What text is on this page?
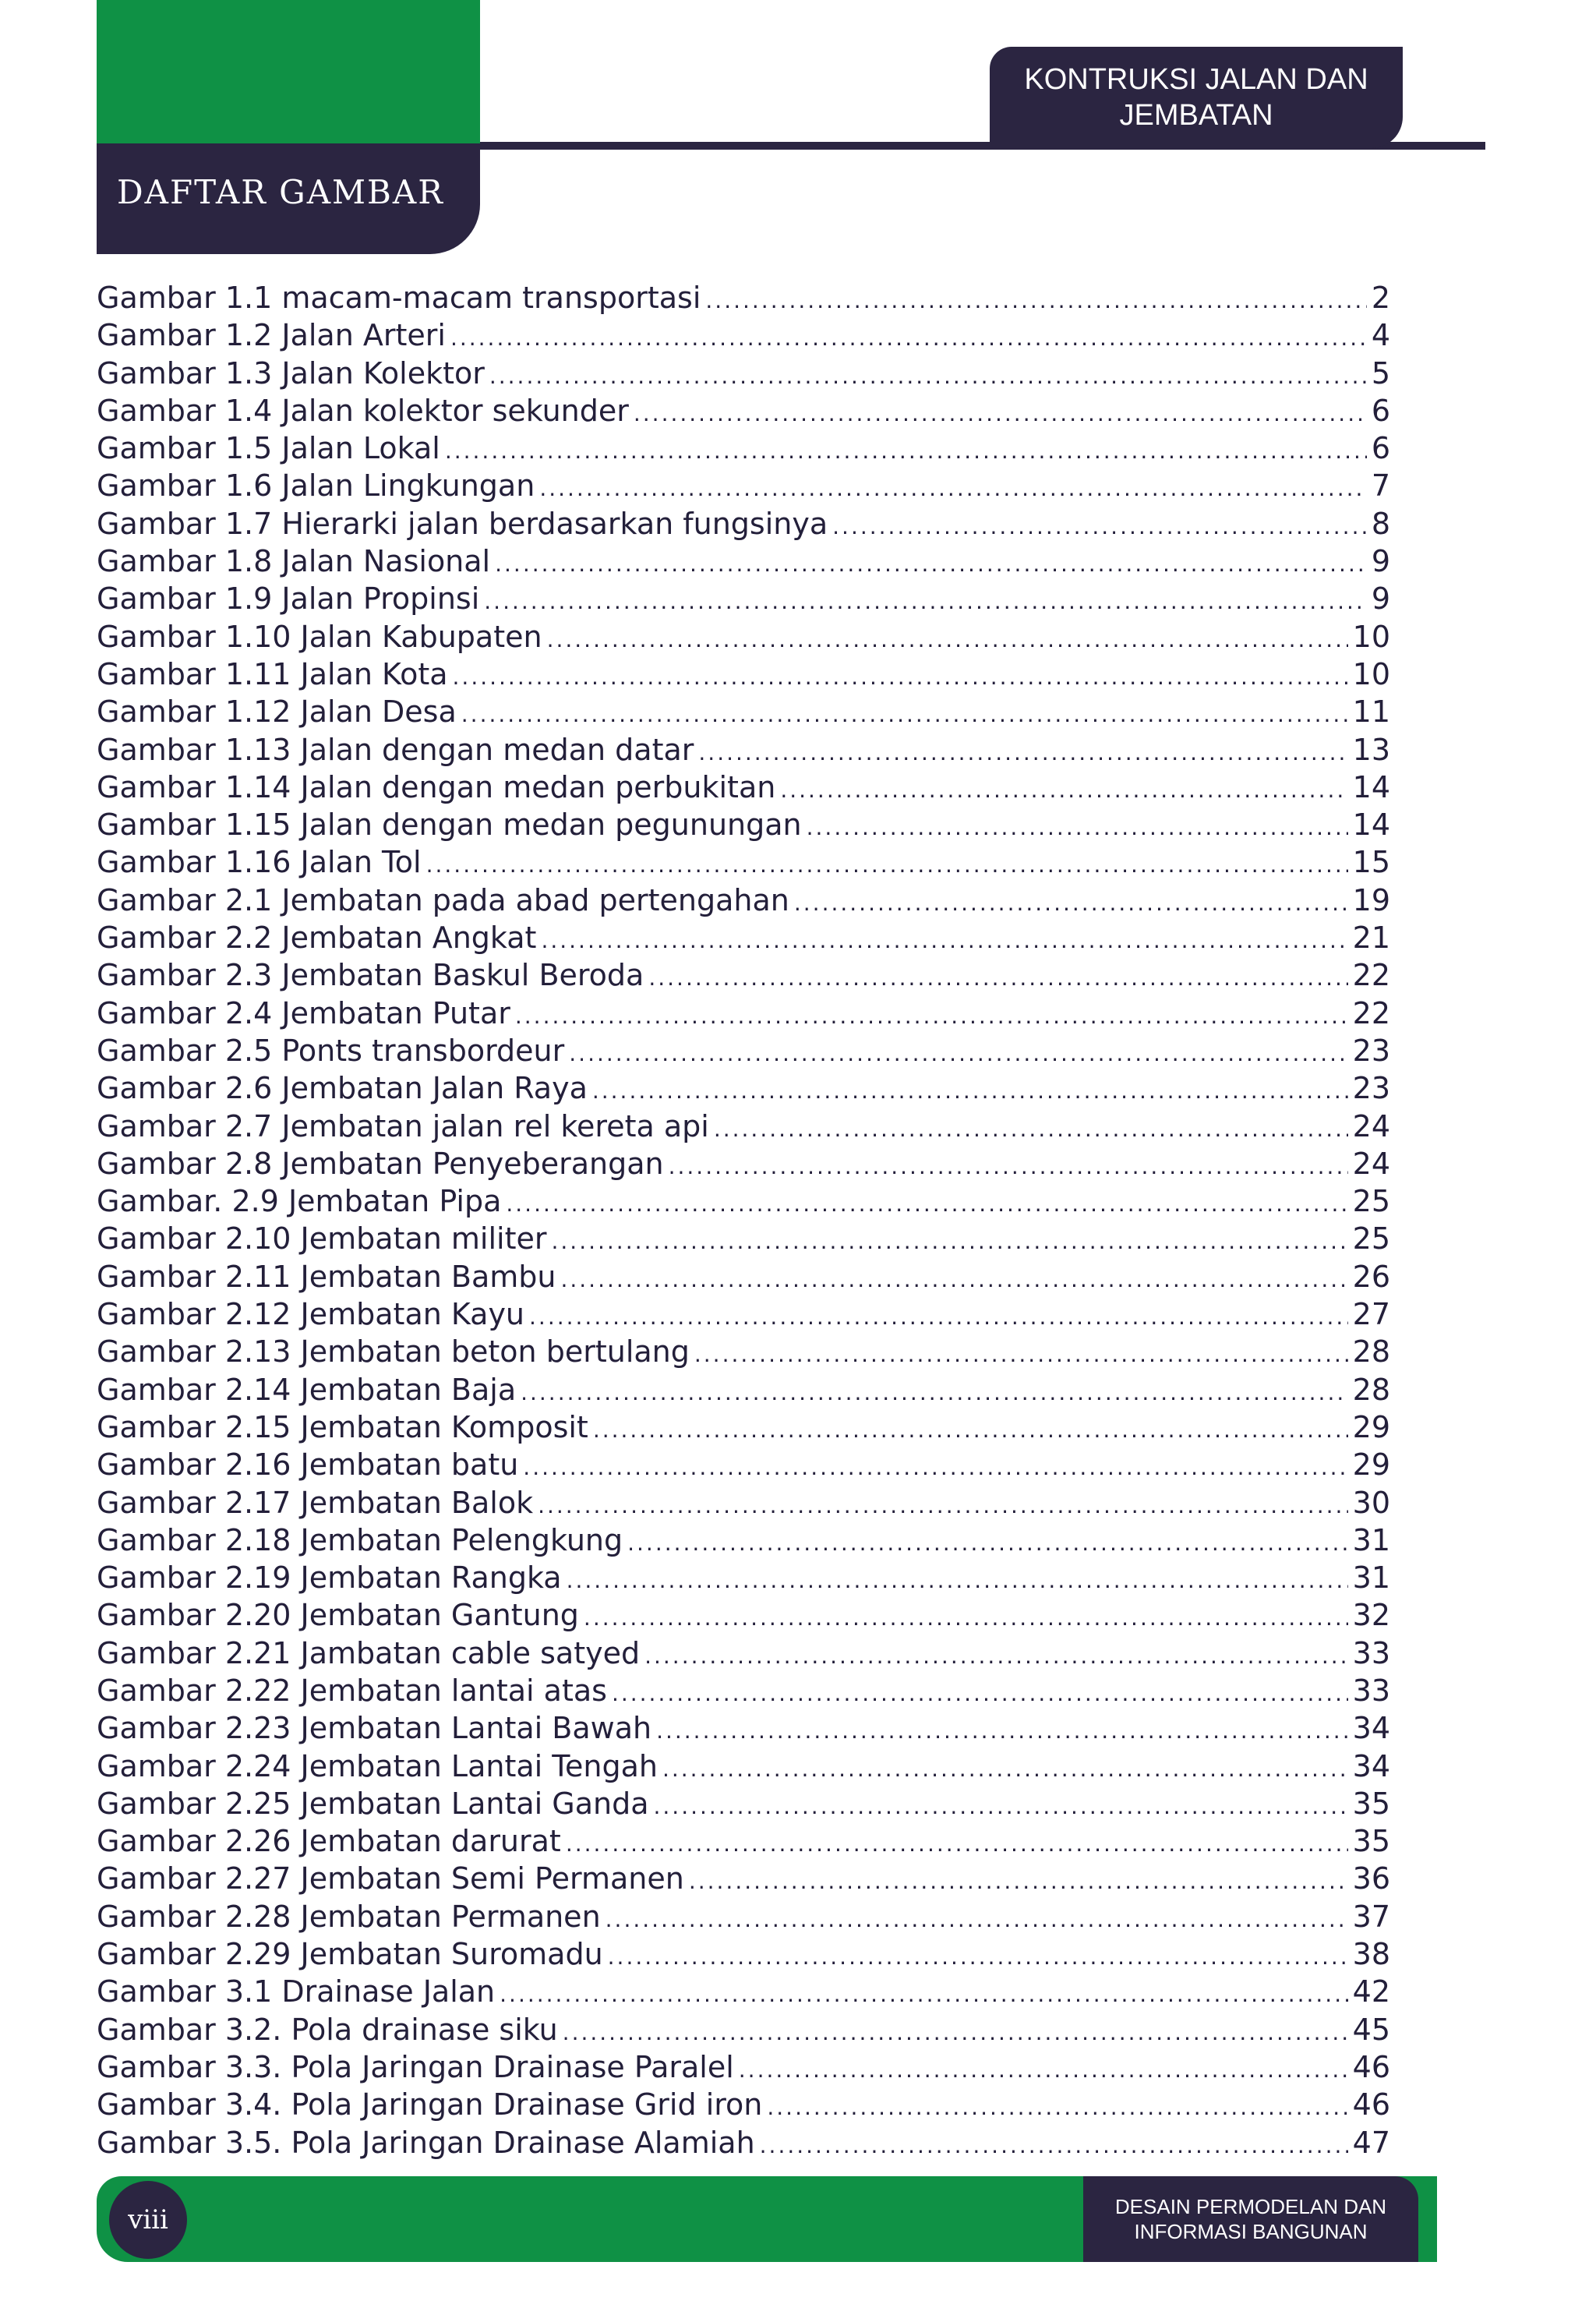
KONTRUKSI JALAN DAN
JEMBATAN
DAFTAR GAMBAR
Gambar 1.1 macam-macam transportasi .....	2
Gambar 1.2 Jalan Arteri .....	4
Gambar 1.3 Jalan Kolektor .....	5
Gambar 1.4 Jalan kolektor sekunder .....	6
Gambar 1.5 Jalan Lokal .....	6
Gambar 1.6 Jalan Lingkungan .....	7
Gambar 1.7 Hierarki jalan berdasarkan fungsinya .....	8
Gambar 1.8 Jalan Nasional .....	9
Gambar 1.9 Jalan Propinsi .....	9
Gambar 1.10 Jalan Kabupaten .....	10
Gambar 1.11 Jalan Kota .....	10
Gambar 1.12 Jalan Desa .....	11
Gambar 1.13 Jalan dengan medan datar .....	13
Gambar 1.14 Jalan dengan medan perbukitan .....	14
Gambar 1.15 Jalan dengan medan pegunungan .....	14
Gambar 1.16 Jalan Tol .....	15
Gambar 2.1 Jembatan pada abad pertengahan .....	19
Gambar 2.2 Jembatan Angkat .....	21
Gambar 2.3 Jembatan Baskul Beroda .....	22
Gambar 2.4 Jembatan Putar .....	22
Gambar 2.5 Ponts transbordeur .....	23
Gambar 2.6 Jembatan Jalan Raya .....	23
Gambar 2.7 Jembatan jalan rel kereta api .....	24
Gambar 2.8 Jembatan Penyeberangan .....	24
Gambar. 2.9 Jembatan Pipa .....	25
Gambar 2.10 Jembatan militer .....	25
Gambar 2.11 Jembatan Bambu .....	26
Gambar 2.12 Jembatan Kayu .....	27
Gambar 2.13 Jembatan beton bertulang .....	28
Gambar 2.14 Jembatan Baja .....	28
Gambar 2.15 Jembatan Komposit .....	29
Gambar 2.16 Jembatan batu .....	29
Gambar 2.17 Jembatan Balok .....	30
Gambar 2.18 Jembatan Pelengkung .....	31
Gambar 2.19 Jembatan Rangka .....	31
Gambar 2.20 Jembatan Gantung .....	32
Gambar 2.21 Jambatan cable satyed .....	33
Gambar 2.22 Jembatan lantai atas .....	33
Gambar 2.23 Jembatan Lantai Bawah .....	34
Gambar 2.24 Jembatan Lantai Tengah .....	34
Gambar 2.25 Jembatan Lantai Ganda .....	35
Gambar 2.26 Jembatan darurat .....	35
Gambar 2.27 Jembatan Semi Permanen .....	36
Gambar 2.28 Jembatan Permanen .....	37
Gambar 2.29 Jembatan Suromadu .....	38
Gambar 3.1 Drainase Jalan .....	42
Gambar 3.2. Pola drainase siku .....	45
Gambar 3.3. Pola Jaringan Drainase Paralel .....	46
Gambar 3.4. Pola Jaringan Drainase Grid iron .....	46
Gambar 3.5. Pola Jaringan Drainase Alamiah .....	47
DESAIN PERMODELAN DAN
INFORMASI BANGUNAN
viii
